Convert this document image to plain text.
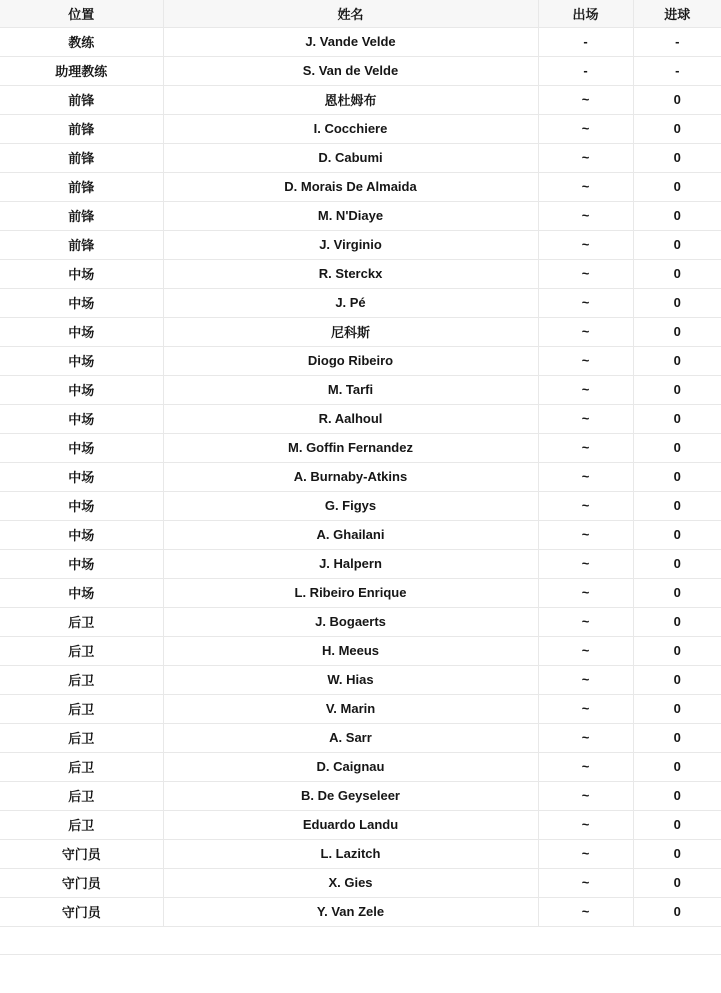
位置	姓名	出场	进球
教练	J. Vande Velde	-	-
助理教练	S. Van de Velde	-	-
前锋	恩杜姆布	~	0
前锋	I. Cocchiere	~	0
前锋	D. Cabumi	~	0
前锋	D. Morais De Almaida	~	0
前锋	M. N'Diaye	~	0
前锋	J. Virginio	~	0
中场	R. Sterckx	~	0
中场	J. Pé	~	0
中场	尼科斯	~	0
中场	Diogo Ribeiro	~	0
中场	M. Tarfi	~	0
中场	R. Aalhoul	~	0
中场	M. Goffin Fernandez	~	0
中场	A. Burnaby-Atkins	~	0
中场	G. Figys	~	0
中场	A. Ghailani	~	0
中场	J. Halpern	~	0
中场	L. Ribeiro Enrique	~	0
后卫	J. Bogaerts	~	0
后卫	H. Meeus	~	0
后卫	W. Hias	~	0
后卫	V. Marin	~	0
后卫	A. Sarr	~	0
后卫	D. Caignau	~	0
后卫	B. De Geyseleer	~	0
后卫	Eduardo Landu	~	0
守门员	L. Lazitch	~	0
守门员	X. Gies	~	0
守门员	Y. Van Zele	~	0
